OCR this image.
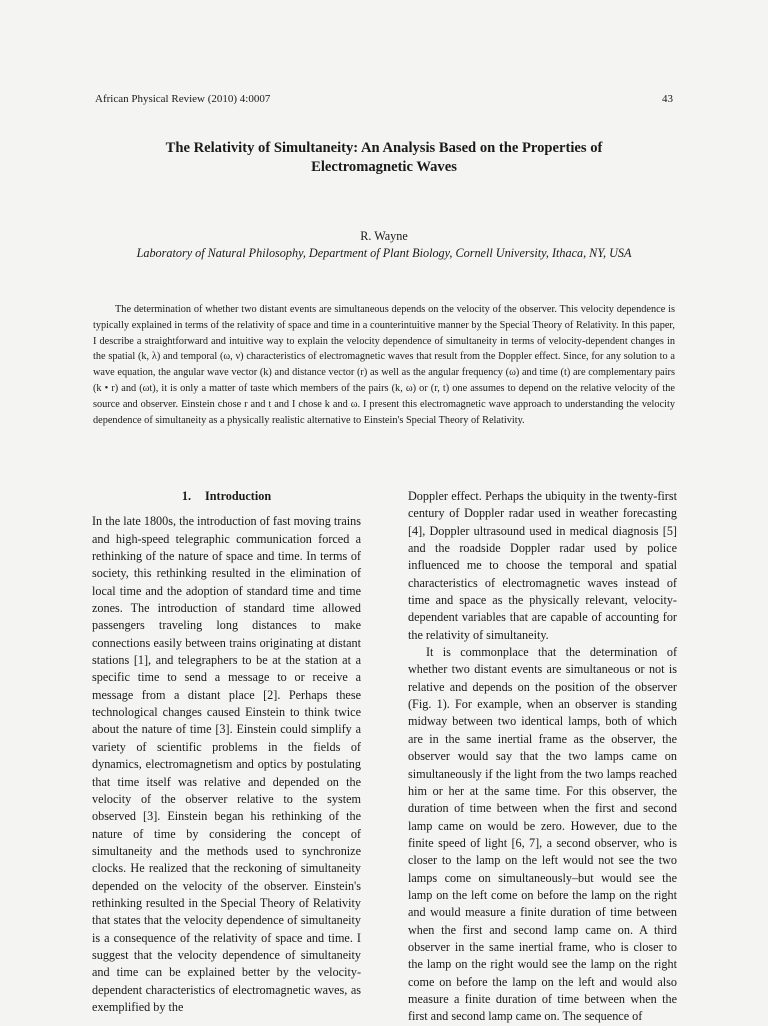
African Physical Review (2010) 4:0007	43
The Relativity of Simultaneity: An Analysis Based on the Properties of
Electromagnetic Waves
R. Wayne
Laboratory of Natural Philosophy, Department of Plant Biology, Cornell University, Ithaca, NY, USA
The determination of whether two distant events are simultaneous depends on the velocity of the observer. This velocity dependence is typically explained in terms of the relativity of space and time in a counterintuitive manner by the Special Theory of Relativity. In this paper, I describe a straightforward and intuitive way to explain the velocity dependence of simultaneity in terms of velocity-dependent changes in the spatial (k, λ) and temporal (ω, ν) characteristics of electromagnetic waves that result from the Doppler effect. Since, for any solution to a wave equation, the angular wave vector (k) and distance vector (r) as well as the angular frequency (ω) and time (t) are complementary pairs (k • r) and (ωt), it is only a matter of taste which members of the pairs (k, ω) or (r, t) one assumes to depend on the relative velocity of the source and observer. Einstein chose r and t and I chose k and ω. I present this electromagnetic wave approach to understanding the velocity dependence of simultaneity as a physically realistic alternative to Einstein's Special Theory of Relativity.
1. Introduction

In the late 1800s, the introduction of fast moving trains and high-speed telegraphic communication forced a rethinking of the nature of space and time. In terms of society, this rethinking resulted in the elimination of local time and the adoption of standard time and time zones. The introduction of standard time allowed passengers traveling long distances to make connections easily between trains originating at distant stations [1], and telegraphers to be at the station at a specific time to send a message to or receive a message from a distant place [2]. Perhaps these technological changes caused Einstein to think twice about the nature of time [3]. Einstein could simplify a variety of scientific problems in the fields of dynamics, electromagnetism and optics by postulating that time itself was relative and depended on the velocity of the observer relative to the system observed [3]. Einstein began his rethinking of the nature of time by considering the concept of simultaneity and the methods used to synchronize clocks. He realized that the reckoning of simultaneity depended on the velocity of the observer. Einstein's rethinking resulted in the Special Theory of Relativity that states that the velocity dependence of simultaneity is a consequence of the relativity of space and time. I suggest that the velocity dependence of simultaneity and time can be explained better by the velocity-dependent characteristics of electromagnetic waves, as exemplified by the

Doppler effect. Perhaps the ubiquity in the twenty-first century of Doppler radar used in weather forecasting [4], Doppler ultrasound used in medical diagnosis [5] and the roadside Doppler radar used by police influenced me to choose the temporal and spatial characteristics of electromagnetic waves instead of time and space as the physically relevant, velocity-dependent variables that are capable of accounting for the relativity of simultaneity.

It is commonplace that the determination of whether two distant events are simultaneous or not is relative and depends on the position of the observer (Fig. 1). For example, when an observer is standing midway between two identical lamps, both of which are in the same inertial frame as the observer, the observer would say that the two lamps came on simultaneously if the light from the two lamps reached him or her at the same time. For this observer, the duration of time between when the first and second lamp came on would be zero. However, due to the finite speed of light [6, 7], a second observer, who is closer to the lamp on the left would not see the two lamps come on simultaneously–but would see the lamp on the left come on before the lamp on the right and would measure a finite duration of time between when the first and second lamp came on. A third observer in the same inertial frame, who is closer to the lamp on the right would see the lamp on the right come on before the lamp on the left and would also measure a finite duration of time between when the first and second lamp came on. The sequence of
